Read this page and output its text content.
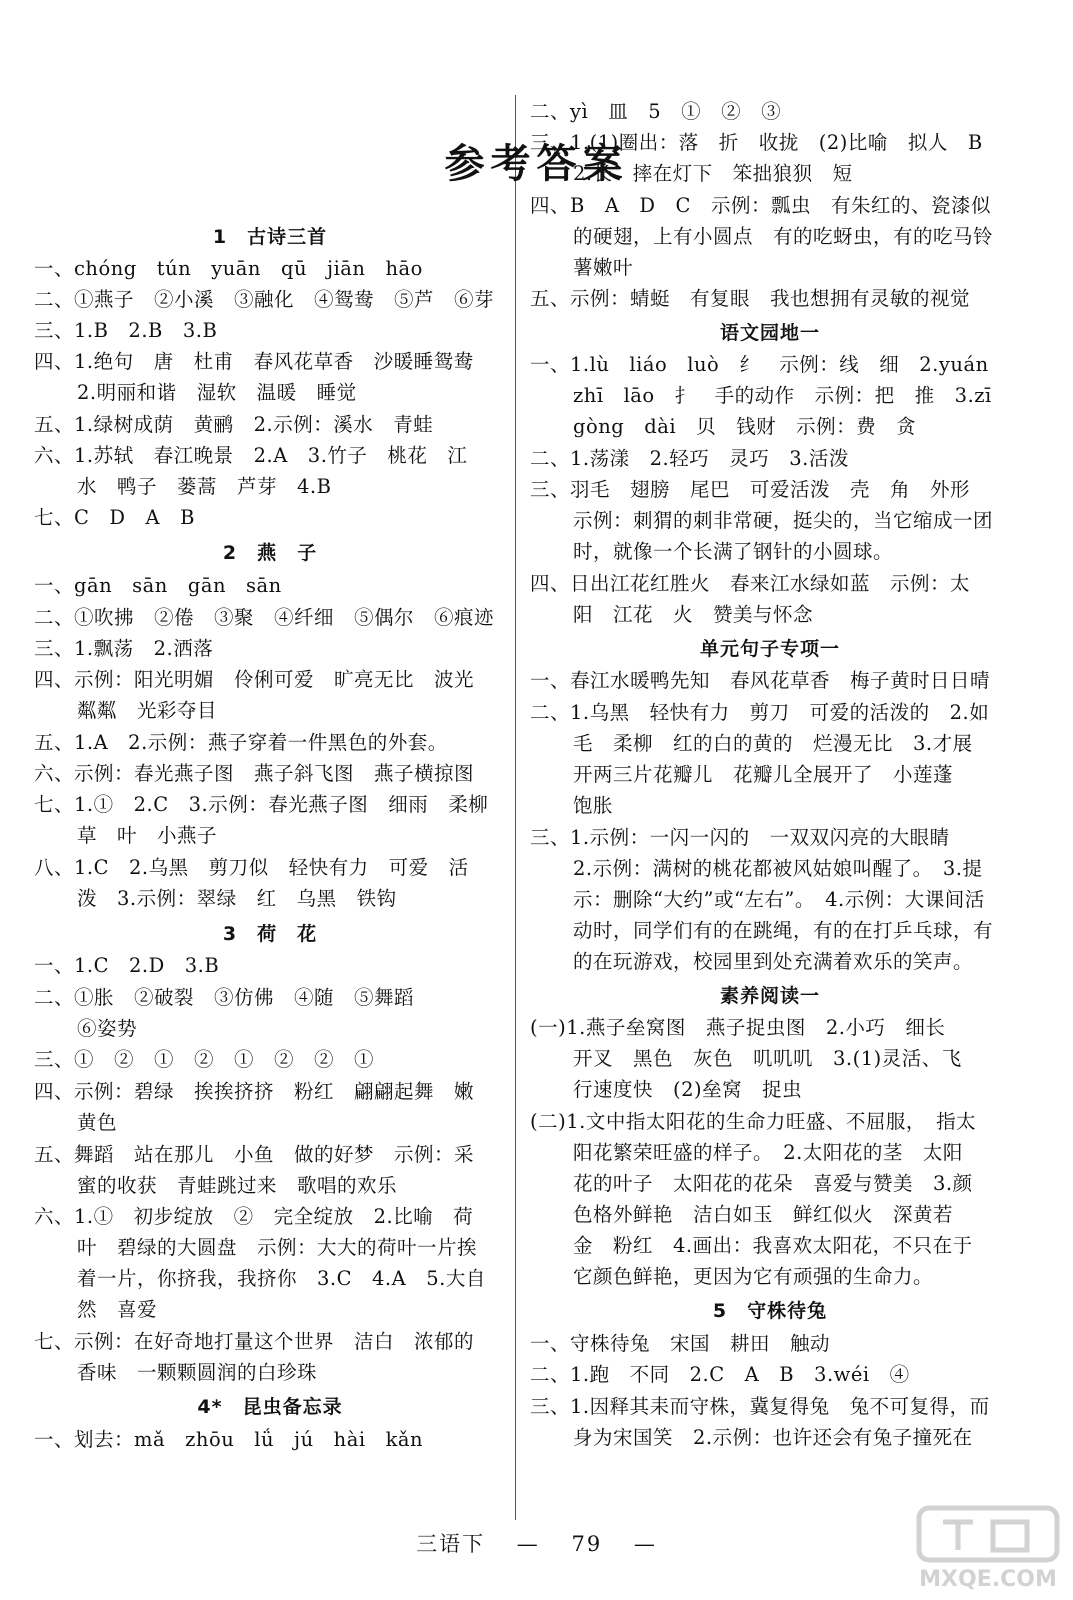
参考答案
1　古诗三首
一、chóng　tún　yuān　qū　jiān　hāo
二、①燕子　②小溪　③融化　④鸳鸯　⑤芦　⑥芽
三、1.B　2.B　3.B
四、1.绝句　唐　杜甫　春风花草香　沙暖睡鸳鸯
2.明丽和谐　湿软　温暖　睡觉
五、1.绿树成荫　黄鹂　2.示例：溪水　青蛙
六、1.苏轼　春江晚景　2.A　3.竹子　桃花　江
水　鸭子　蒌蒿　芦芽　4.B
七、C　D　A　B
2　燕　子
一、gān　sān　gān　sān
二、①吹拂　②倦　③聚　④纤细　⑤偶尔　⑥痕迹
三、1.飘荡　2.洒落
四、示例：阳光明媚　伶俐可爱　旷亮无比　波光
粼粼　光彩夺目
五、1.A　2.示例：燕子穿着一件黑色的外套。
六、示例：春光燕子图　燕子斜飞图　燕子横掠图
七、1.①　2.C　3.示例：春光燕子图　细雨　柔柳
草　叶　小燕子
八、1.C　2.乌黑　剪刀似　轻快有力　可爱　活
泼　3.示例：翠绿　红　乌黑　铁钩
3　荷　花
一、1.C　2.D　3.B
二、①胀　②破裂　③仿佛　④随　⑤舞蹈
⑥姿势
三、①　②　①　②　①　②　②　①
四、示例：碧绿　挨挨挤挤　粉红　翩翩起舞　嫩
黄色
五、舞蹈　站在那儿　小鱼　做的好梦　示例：采
蜜的收获　青蛙跳过来　歌唱的欢乐
六、1.①　初步绽放　②　完全绽放　2.比喻　荷
叶　碧绿的大圆盘　示例：大大的荷叶一片挨
着一片，你挤我，我挤你　3.C　4.A　5.大自
然　喜爱
七、示例：在好奇地打量这个世界　洁白　浓郁的
香味　一颗颗圆润的白珍珠
4*　昆虫备忘录
一、划去：mǎ　zhōu　lǘ　jú　hài　kǎn
二、yì　皿　5　①　②　③
三、1.(1)圈出：落　折　收拢　(2)比喻　拟人　B
2.长　摔在灯下　笨拙狼狈　短
四、B　A　D　C　示例：瓢虫　有朱红的、瓷漆似
的硬翅，上有小圆点　有的吃蚜虫，有的吃马铃
薯嫩叶
五、示例：蜻蜓　有复眼　我也想拥有灵敏的视觉
语文园地一
一、1.lù　liáo　luò　纟　示例：线　细　2.yuán
zhī　lāo　扌　手的动作　示例：把　推　3.zī
gòng　dài　贝　钱财　示例：费　贪
二、1.荡漾　2.轻巧　灵巧　3.活泼
三、羽毛　翅膀　尾巴　可爱活泼　壳　角　外形
示例：刺猬的刺非常硬，挺尖的，当它缩成一团
时，就像一个长满了钢针的小圆球。
四、日出江花红胜火　春来江水绿如蓝　示例：太
阳　江花　火　赞美与怀念
单元句子专项一
一、春江水暖鸭先知　春风花草香　梅子黄时日日晴
二、1.乌黑　轻快有力　剪刀　可爱的活泼的　2.如
毛　柔柳　红的白的黄的　烂漫无比　3.才展
开两三片花瓣儿　花瓣儿全展开了　小莲蓬
饱胀
三、1.示例：一闪一闪的　一双双闪亮的大眼睛
2.示例：满树的桃花都被风姑娘叫醒了。　3.提
示：删除“大约”或“左右”。　4.示例：大课间活
动时，同学们有的在跳绳，有的在打乒乓球，有
的在玩游戏，校园里到处充满着欢乐的笑声。
素养阅读一
(一)1.燕子垒窝图　燕子捉虫图　2.小巧　细长
开叉　黑色　灰色　叽叽叽　3.(1)灵活、飞
行速度快　(2)垒窝　捉虫
(二)1.文中指太阳花的生命力旺盛、不屈服，　指太
阳花繁荣旺盛的样子。　2.太阳花的茎　太阳
花的叶子　太阳花的花朵　喜爱与赞美　3.颜
色格外鲜艳　洁白如玉　鲜红似火　深黄若
金　粉红　4.画出：我喜欢太阳花，不只在于
它颜色鲜艳，更因为它有顽强的生命力。
5　守株待兔
一、守株待兔　宋国　耕田　触动
二、1.跑　不同　2.C　A　B　3.wéi　④
三、1.因释其耒而守株，冀复得兔　兔不可复得，而
身为宋国笑　2.示例：也许还会有兔子撞死在
三语下 　—　 79 　—
MXQE.COM
